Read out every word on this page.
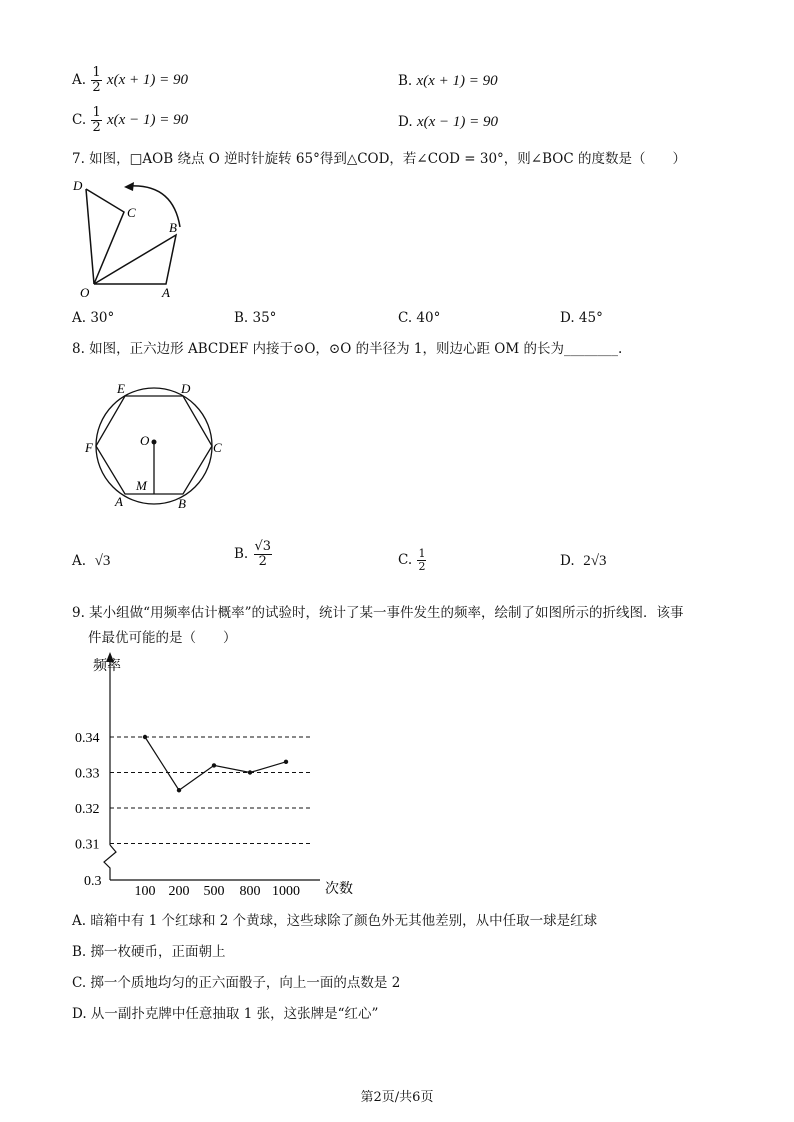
A. $\frac{1}{2} x(x + 1) = 90$	B. x(x + 1) = 90
C. $\frac{1}{2} x(x - 1) = 90$	D. x(x − 1) = 90
7. 如图，□AOB 绕点 O 逆时针旋转 65°得到△COD，若∠COD = 30°，则∠BOC 的度数是（　　）
D
C
B
O	A
A. 30°	B. 35°	C. 40°	D. 45°
8. 如图，正六边形 ABCDEF 内接于⊙O，⊙O 的半径为 1，则边心距 OM 的长为________.
E	D
F	C
O
M
A	B
A. √3	B. $\frac{√3}{2}$	C. $\frac{1}{2}$	D. 2√3
9. 某小组做“用频率估计概率”的试验时，统计了某一事件发生的频率，绘制了如图所示的折线图．该事
件最优可能的是（　　）
频率
次数
0.34
0.33
0.32
0.31
0.3
100 200 500 800 1000
A. 暗箱中有 1 个红球和 2 个黄球，这些球除了颜色外无其他差别，从中任取一球是红球
B. 掷一枚硬币，正面朝上
C. 掷一个质地均匀的正六面骰子，向上一面的点数是 2
D. 从一副扑克牌中任意抽取 1 张，这张牌是“红心”
第2页/共6页
